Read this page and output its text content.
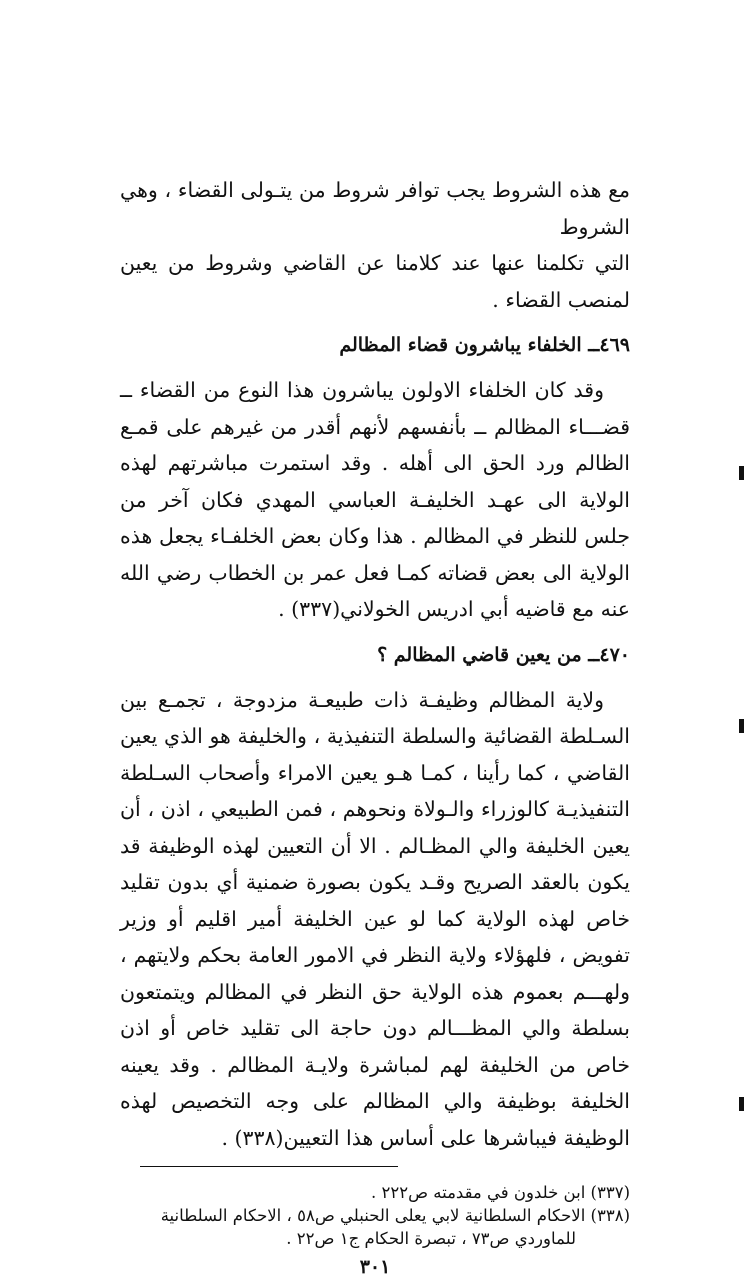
مع هذه الشروط يجب توافر شروط من يتـولى القضاء ، وهي الشروط

التي تكلمنا عنها عند كلامنا عن القاضي وشروط من يعين لمنصب القضاء .

٤٦٩ــ الخلفاء يباشرون قضاء المظالم

وقد كان الخلفاء الاولون يباشرون هذا النوع من القضاء ــ قضـــاء المظالم ــ بأنفسهم لأنهم أقدر من غيرهم على قمـع الظالم ورد الحق الى أهله . وقد استمرت مباشرتهم لهذه الولاية الى عهـد الخليفـة العباسي المهدي فكان آخر من جلس للنظر في المظالم . هذا وكان بعض الخلفـاء يجعل هذه الولاية الى بعض قضاته كمـا فعل عمر بن الخطاب رضي الله عنه مع قاضيه أبي ادريس الخولاني(٣٣٧) .

٤٧٠ــ من يعين قاضي المظالم ؟

ولاية المظالم وظيفـة ذات طبيعـة مزدوجة ، تجمـع بين السـلطة القضائية والسلطة التنفيذية ، والخليفة هو الذي يعين القاضي ، كما رأينا ، كمـا هـو يعين الامراء وأصحاب السـلطة التنفيذيـة كالوزراء والـولاة ونحوهم ، فمن الطبيعي ، اذن ، أن يعين الخليفة والي المظـالم . الا أن التعيين لهذه الوظيفة قد يكون بالعقد الصريح وقـد يكون بصورة ضمنية أي بدون تقليد خاص لهذه الولاية كما لو عين الخليفة أمير اقليم أو وزير تفويض ، فلهؤلاء ولاية النظر في الامور العامة بحكم ولايتهم ، ولهـــم بعموم هذه الولاية حق النظر في المظالم ويتمتعون بسلطة والي المظـــالم دون حاجة الى تقليد خاص أو اذن خاص من الخليفة لهم لمباشرة ولايـة المظالم . وقد يعينه الخليفة بوظيفة والي المظالم على وجه التخصيص لهذه الوظيفة فيباشرها على أساس هذا التعيين(٣٣٨) .

(٣٣٧) ابن خلدون في مقدمته ص٢٢٢ .

(٣٣٨) الاحكام السلطانية لابي يعلى الحنبلي ص٥٨ ، الاحكام السلطانية

للماوردي ص٧٣ ، تبصرة الحكام ج١ ص٢٢ .

٣٠١
